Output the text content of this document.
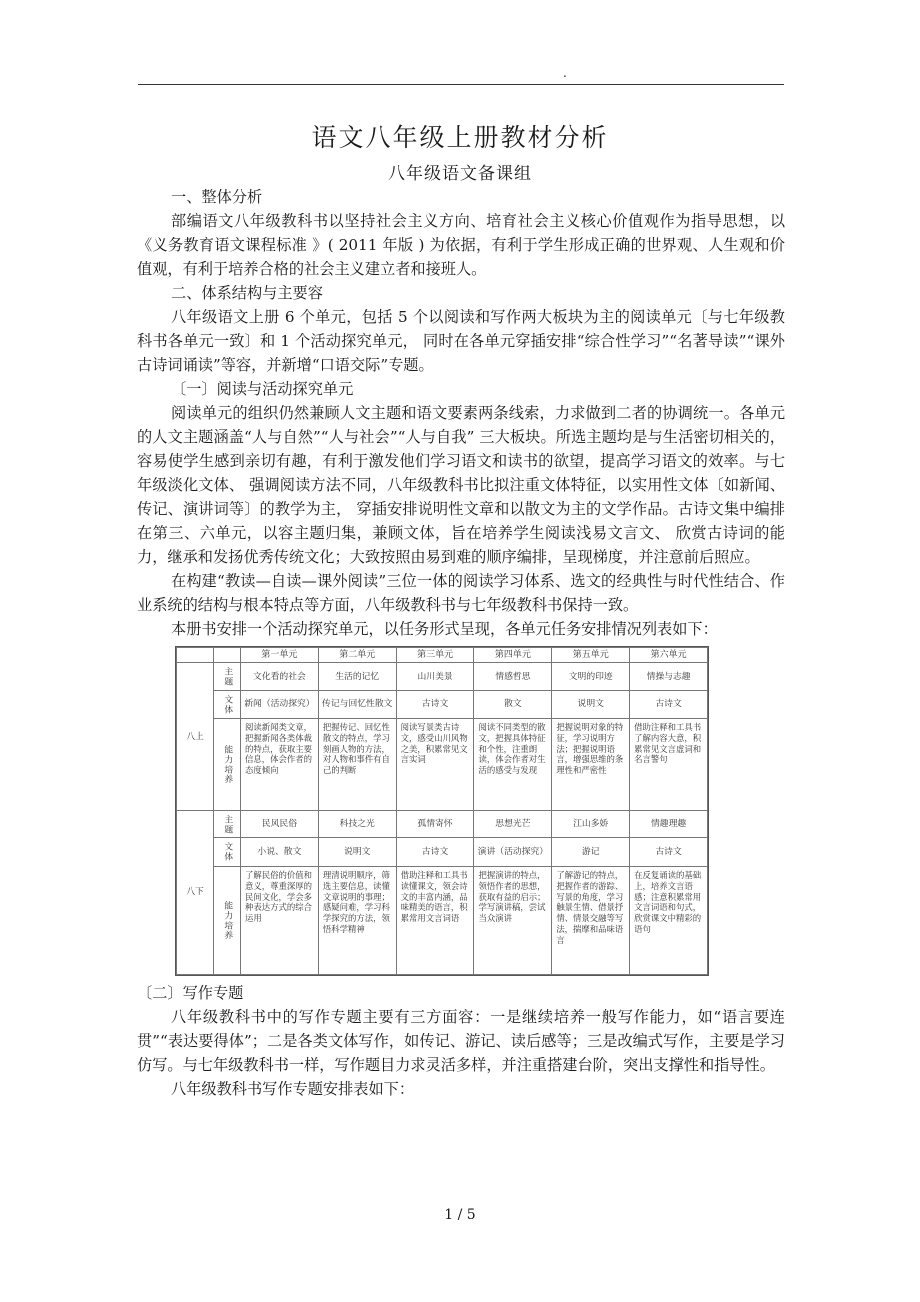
.
语文八年级上册教材分析
八年级语文备课组

一、整体分析

部编语文八年级教科书以坚持社会主义方向、培育社会主义核心价值观作为指导思想，以《义务教育语文课程标准 》( 2011 年版 ) 为依据，有利于学生形成正确的世界观、人生观和价值观，有利于培养合格的社会主义建立者和接班人。

二、体系结构与主要容

八年级语文上册 6 个单元，包括 5 个以阅读和写作两大板块为主的阅读单元〔与七年级教科书各单元一致〕和 1 个活动探究单元， 同时在各单元穿插安排“综合性学习”“名著导读”“课外古诗词诵读”等容，并新增“口语交际”专题。

〔一〕阅读与活动探究单元

阅读单元的组织仍然兼顾人文主题和语文要素两条线索，力求做到二者的协调统一。各单元的人文主题涵盖“人与自然”“人与社会”“人与自我” 三大板块。所选主题均是与生活密切相关的，容易使学生感到亲切有趣，有利于激发他们学习语文和读书的欲望，提高学习语文的效率。与七年级淡化文体、 强调阅读方法不同，八年级教科书比拟注重文体特征，以实用性文体〔如新闻、传记、演讲词等〕的教学为主， 穿插安排说明性文章和以散文为主的文学作品。古诗文集中编排在第三、六单元，以容主题归集，兼顾文体，旨在培养学生阅读浅易文言文、 欣赏古诗词的能力，继承和发扬优秀传统文化；大致按照由易到难的顺序编排，呈现梯度，并注意前后照应。

在构建“教读—自读—课外阅读”三位一体的阅读学习体系、选文的经典性与时代性结合、作业系统的结构与根本特点等方面，八年级教科书与七年级教科书保持一致。

本册书安排一个活动探究单元，以任务形式呈现，各单元任务安排情况列表如下：

		第一单元	第二单元	第三单元	第四单元	第五单元	第六单元
八上	主题	文化看的社会	生活的记忆	山川美景	情感哲思	文明的印迹	情操与志趣

	文体	新闻（活动探究）	传记与回忆性散文	古诗文	散文	说明文	古诗文

	能力培养	阅读新闻类文章，把握新闻各类体裁的特点，获取主要信息，体会作者的态度倾向	把握传记、回忆性散文的特点，学习刻画人物的方法，对人物和事件有自己的判断	阅读写景类古诗文，感受山川风物之美，积累常见文言实词	阅读不同类型的散文，把握具体特征和个性，注重朗读，体会作者对生活的感受与发现	把握说明对象的特征，学习说明方法；把握说明语言，增强思维的条理性和严密性	借助注释和工具书了解内容大意，积累常见文言虚词和名言警句
八下	主题	民风民俗	科技之光	孤情寄怀	思想光芒	江山多娇	情趣理趣

	文体	小说、散文	说明文	古诗文	演讲（活动探究）	游记	古诗文

	能力培养	了解民俗的价值和意义，尊重深厚的民间文化，学会多种表达方式的综合运用	理清说明顺序，筛选主要信息，读懂文章说明的事理；感疑问难，学习科学探究的方法，领悟科学精神	借助注释和工具书读懂课文，领会诗文的丰富内涵，品味精美的语言，积累常用文言词语	把握演讲的特点，领悟作者的思想，获取有益的启示；学写演讲稿，尝试当众演讲	了解游记的特点，把握作者的游踪、写景的角度，学习触景生情、借景抒情、情景交融等写法，揣摩和品味语言	在反复诵读的基础上，培养文言语感；注意积累常用文言词语和句式，欣赏课文中精彩的语句

〔二〕写作专题

八年级教科书中的写作专题主要有三方面容：一是继续培养一般写作能力，如“语言要连贯”“表达要得体”；二是各类文体写作，如传记、游记、读后感等；三是改编式写作，主要是学习仿写。与七年级教科书一样，写作题目力求灵活多样，并注重搭建台阶，突出支撑性和指导性。

八年级教科书写作专题安排表如下：

1 / 5
